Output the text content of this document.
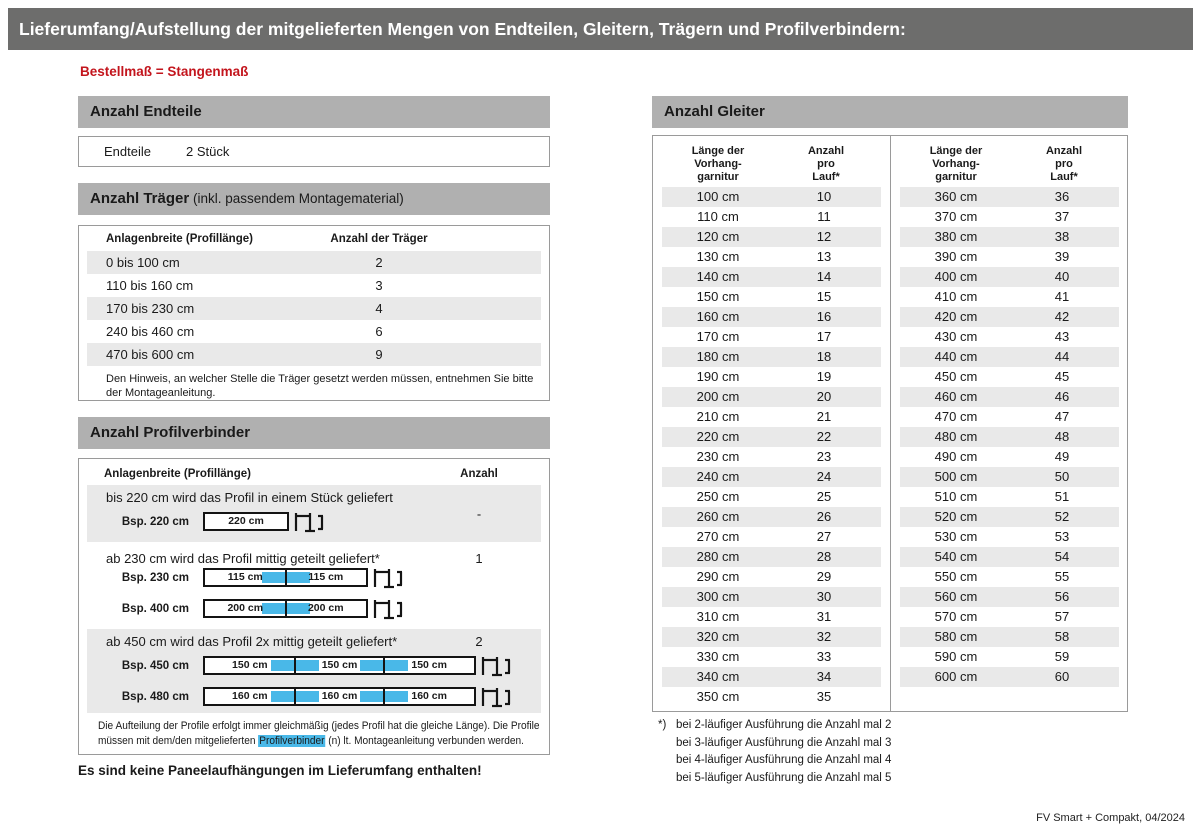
Lieferumfang/Aufstellung der mitgelieferten Mengen von Endteilen, Gleitern, Trägern und Profilverbindern:
Bestellmaß = Stangenmaß
Anzahl Endteile
Endteile	2 Stück
Anzahl Träger (inkl. passendem Montagematerial)
Anlagenbreite (Profillänge)	Anzahl der Träger
0 bis 100 cm	2
110 bis 160 cm	3
170 bis 230 cm	4
240 bis 460 cm	6
470 bis 600 cm	9
Den Hinweis, an welcher Stelle die Träger gesetzt werden müssen, entnehmen Sie bitte der Montageanleitung.
Anzahl Profilverbinder
Anlagenbreite (Profillänge)	Anzahl
bis 220 cm wird das Profil in einem Stück geliefert
-
Bsp. 220 cm	220 cm
ab 230 cm wird das Profil mittig geteilt geliefert*	1
Bsp. 230 cm	115 cm	115 cm
Bsp. 400 cm	200 cm	200 cm
ab 450 cm wird das Profil 2x mittig geteilt geliefert*	2
Bsp. 450 cm	150 cm	150 cm	150 cm
Bsp. 480 cm	160 cm	160 cm	160 cm
Die Aufteilung der Profile erfolgt immer gleichmäßig (jedes Profil hat die gleiche Länge). Die Profile müssen mit dem/den mitgelieferten Profilverbinder (n) lt. Montageanleitung verbunden werden.
Es sind keine Paneelaufhängungen im Lieferumfang enthalten!
Anzahl Gleiter
Länge der
Vorhang-
garnitur
Anzahl
pro
Lauf*
100 cm	10
110 cm	11
120 cm	12
130 cm	13
140 cm	14
150 cm	15
160 cm	16
170 cm	17
180 cm	18
190 cm	19
200 cm	20
210 cm	21
220 cm	22
230 cm	23
240 cm	24
250 cm	25
260 cm	26
270 cm	27
280 cm	28
290 cm	29
300 cm	30
310 cm	31
320 cm	32
330 cm	33
340 cm	34
350 cm	35
Länge der
Vorhang-
garnitur
Anzahl
pro
Lauf*
360 cm	36
370 cm	37
380 cm	38
390 cm	39
400 cm	40
410 cm	41
420 cm	42
430 cm	43
440 cm	44
450 cm	45
460 cm	46
470 cm	47
480 cm	48
490 cm	49
500 cm	50
510 cm	51
520 cm	52
530 cm	53
540 cm	54
550 cm	55
560 cm	56
570 cm	57
580 cm	58
590 cm	59
600 cm	60
*) bei 2-läufiger Ausführung die Anzahl mal 2
bei 3-läufiger Ausführung die Anzahl mal 3
bei 4-läufiger Ausführung die Anzahl mal 4
bei 5-läufiger Ausführung die Anzahl mal 5
FV Smart + Compakt, 04/2024
